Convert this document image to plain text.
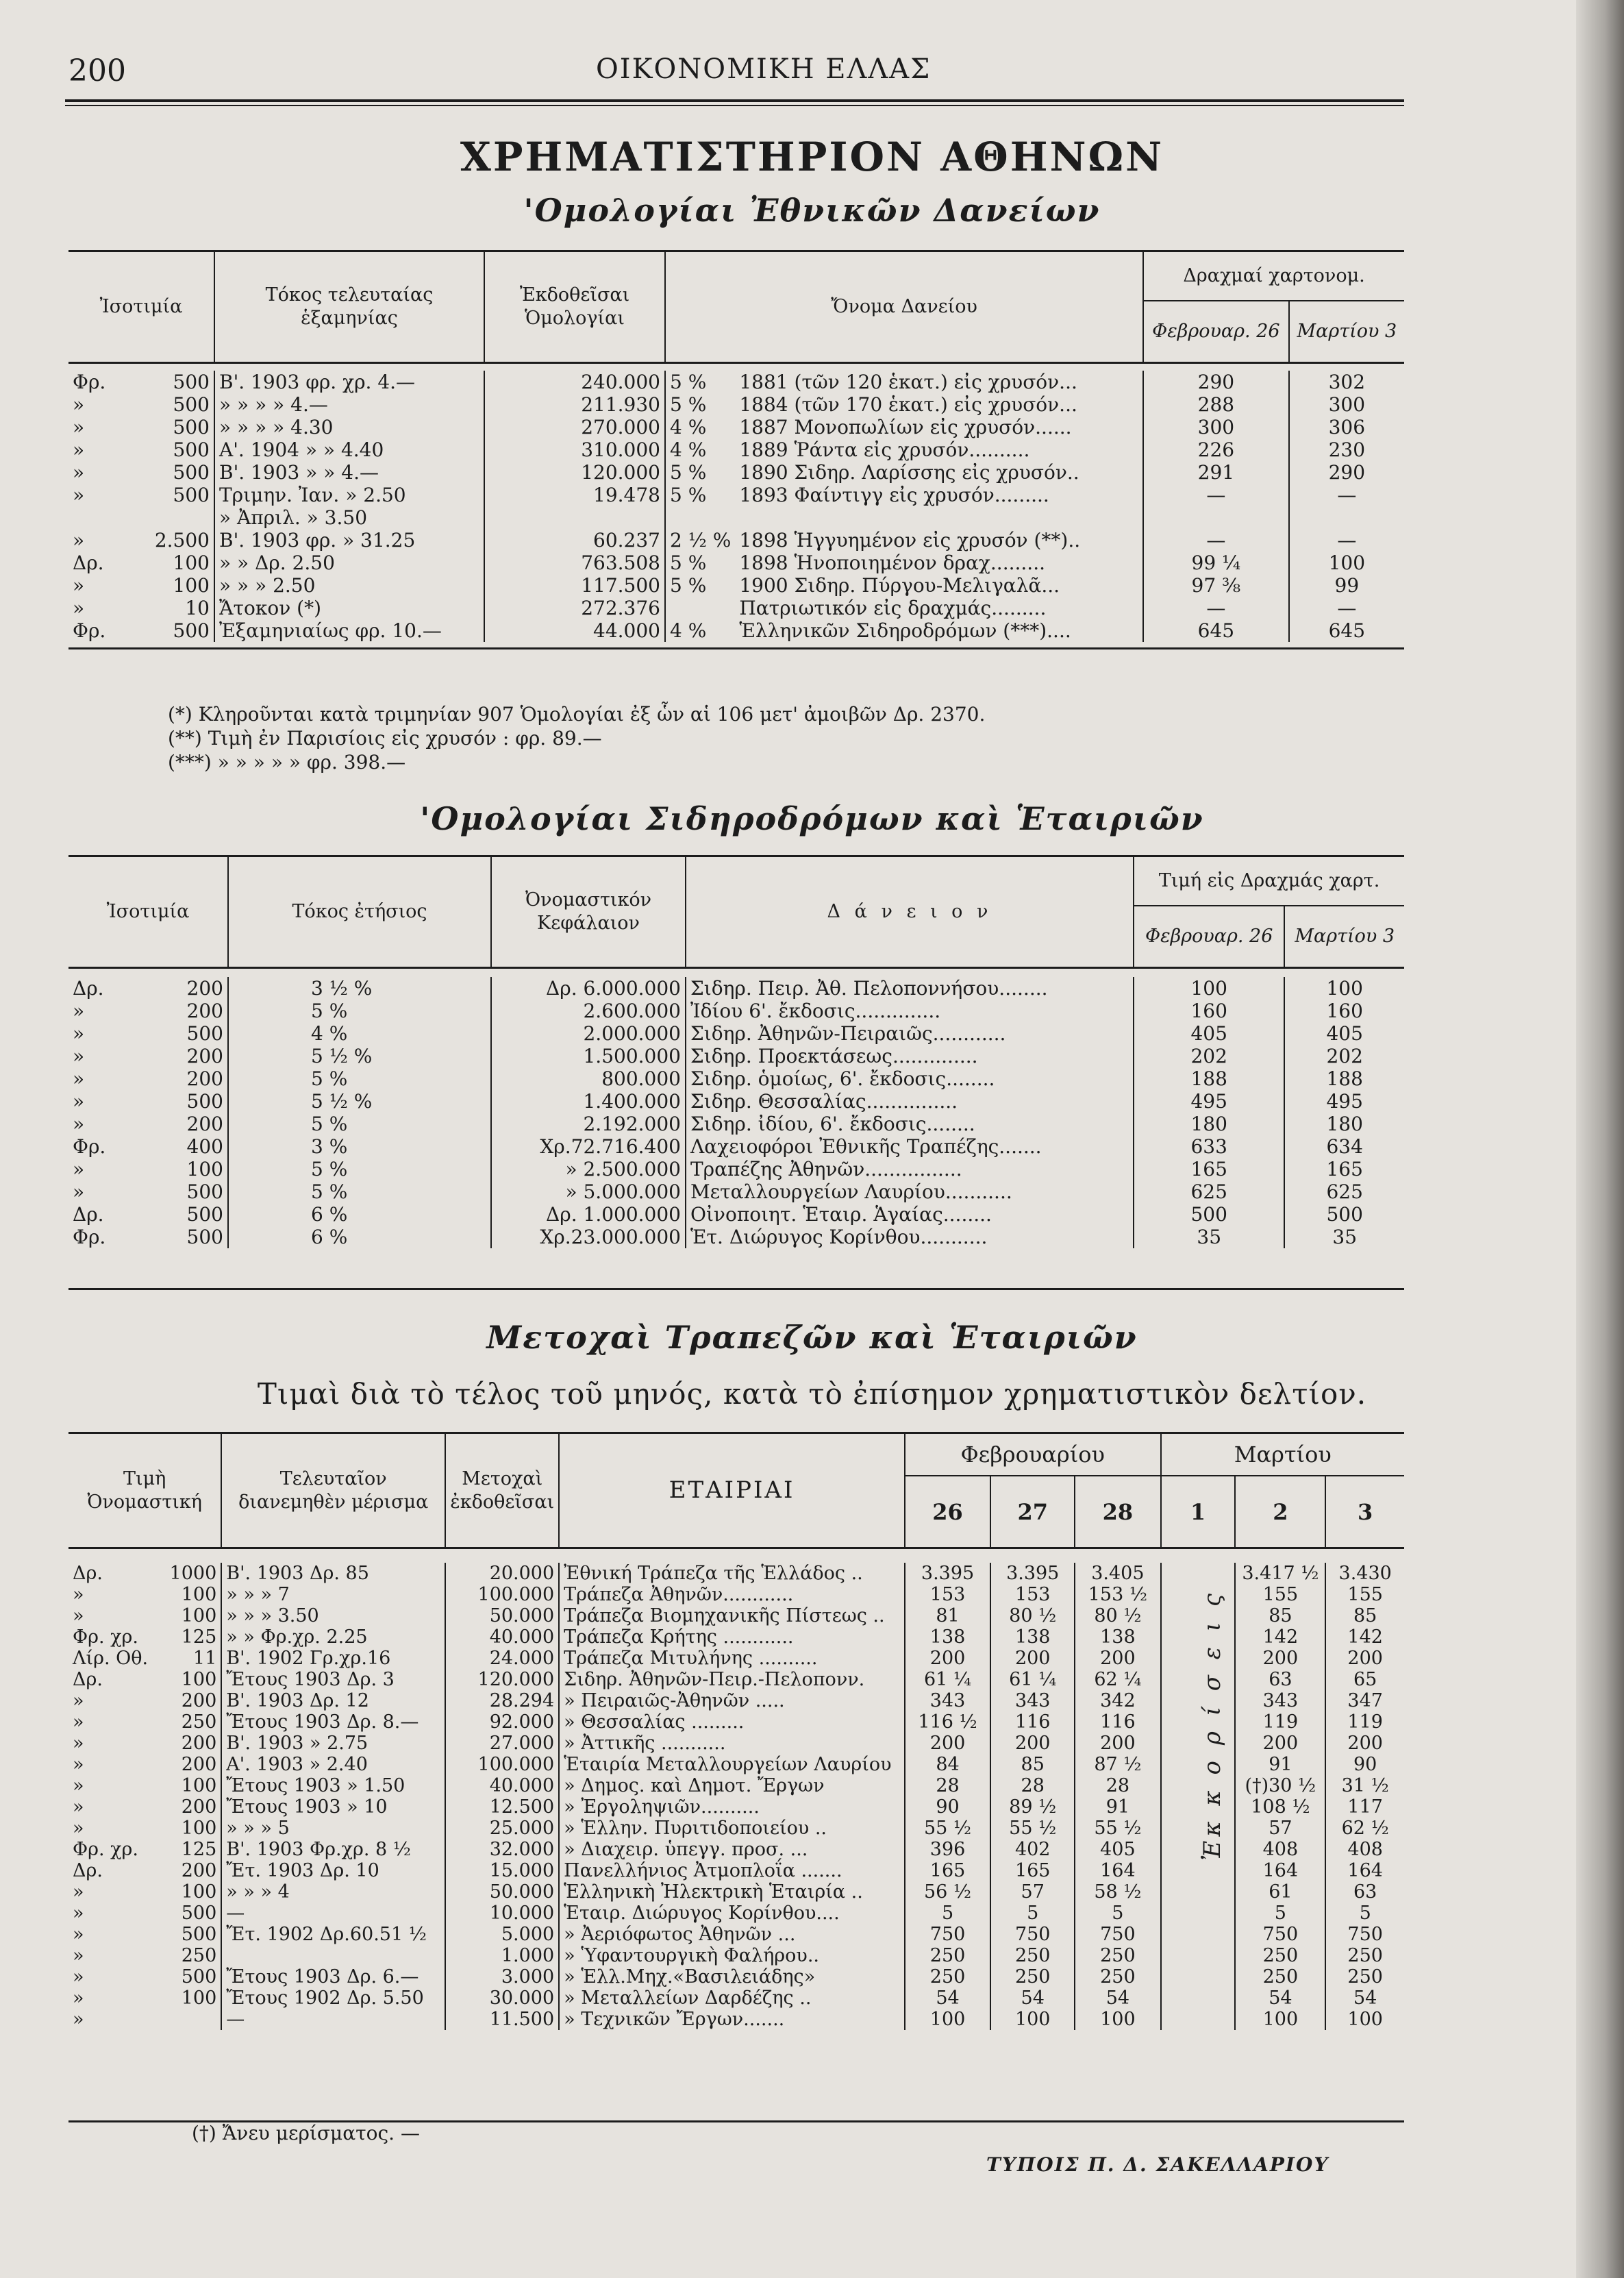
200	ΟΙΚΟΝΟΜΙΚΗ ΕΛΛΑΣ
ΧΡΗΜΑΤΙΣΤΗΡΙΟΝ ΑΘΗΝΩΝ
'Ομολογίαι Ἐθνικῶν Δανείων
Ἰσοτιμία		Τόκος τελευταίας ἑξαμηνίας	Ἐκδοθεῖσαι Ὁμολογίαι	Ὄνομα Δανείου		Δραχμαί χαρτονομ.	
						Φεβρουαρ. 26	Μαρτίου 3

Φρ.	500	Β'. 1903 φρ. χρ. 4.—	240.000	5 %	1881 (τῶν 120 ἑκατ.) εἰς χρυσόν...	290	302
»	500	» » » » 4.—	211.930	5 %	1884 (τῶν 170 ἑκατ.) εἰς χρυσόν...	288	300
»	500	» » » » 4.30	270.000	4 %	1887 Μονοπωλίων εἰς χρυσόν......	300	306
»	500	Α'. 1904 » » 4.40	310.000	4 %	1889 Ῥάντα εἰς χρυσόν..........	226	230
»	500	Β'. 1903 » » 4.—	120.000	5 %	1890 Σιδηρ. Λαρίσσης εἰς χρυσόν..	291	290
»	500	Τριμην. Ἰαν. » 2.50	19.478	5 %	1893 Φαίντιγγ εἰς χρυσόν.........	—	—
		» Ἀπριλ. » 3.50					
»	2.500	Β'. 1903 φρ. » 31.25	60.237	2 ½ %	1898 Ἡγγυημένον εἰς χρυσόν (**)..	—	—
Δρ.	100	» » Δρ. 2.50	763.508	5 %	1898 Ἡνοποιημένον δραχ.........	99 ¼	100
»	100	» » » 2.50	117.500	5 %	1900 Σιδηρ. Πύργου-Μελιγαλᾶ...	97 ⅜	99
»	10	Ἄτοκον (*)	272.376		Πατριωτικόν εἰς δραχμάς.........	—	—
Φρ.	500	Ἐξαμηνιαίως φρ. 10.—	44.000	4 %	Ἑλληνικῶν Σιδηροδρόμων (***)....	645	645

(*) Κληροῦνται κατὰ τριμηνίαν 907 Ὁμολογίαι ἐξ ὧν αἱ 106 μετ' ἀμοιβῶν Δρ. 2370.
(**) Τιμὴ ἐν Παρισίοις εἰς χρυσόν : φρ. 89.—
(***) » » » » » φρ. 398.—
'Ομολογίαι Σιδηροδρόμων καὶ Ἑταιριῶν
Ἰσοτιμία		Τόκος ἐτήσιος	Ὀνομαστικόν Κεφάλαιον	Δ ά ν ε ι ο ν	Τιμή εἰς Δραχμάς χαρτ.	
					Φεβρουαρ. 26	Μαρτίου 3

Δρ.	200	3 ½ %	Δρ. 6.000.000	Σιδηρ. Πειρ. Ἀθ. Πελοποννήσου........	100	100
»	200	5 %	2.600.000	Ἰδίου 6'. ἔκδοσις..............	160	160
»	500	4 %	2.000.000	Σιδηρ. Ἀθηνῶν-Πειραιῶς............	405	405
»	200	5 ½ %	1.500.000	Σιδηρ. Προεκτάσεως..............	202	202
»	200	5 %	800.000	Σιδηρ. ὁμοίως, 6'. ἔκδοσις........	188	188
»	500	5 ½ %	1.400.000	Σιδηρ. Θεσσαλίας...............	495	495
»	200	5 %	2.192.000	Σιδηρ. ἰδίου, 6'. ἔκδοσις........	180	180
Φρ.	400	3 %	Χρ.72.716.400	Λαχειοφόροι Ἐθνικῆς Τραπέζης.......	633	634
»	100	5 %	» 2.500.000	Τραπέζης Ἀθηνῶν................	165	165
»	500	5 %	» 5.000.000	Μεταλλουργείων Λαυρίου...........	625	625
Δρ.	500	6 %	Δρ. 1.000.000	Οἰνοποιητ. Ἑταιρ. Ἁγαίας........	500	500
Φρ.	500	6 %	Χρ.23.000.000	Ἑτ. Διώρυγος Κορίνθου...........	35	35
Μετοχαὶ Τραπεζῶν καὶ Ἑταιριῶν
Τιμαὶ διὰ τὸ τέλος τοῦ μηνός, κατὰ τὸ ἐπίσημον χρηματιστικὸν δελτίον.
Τιμὴ Ὀνομαστική		Τελευταῖον διανεμηθὲν μέρισμα	Μετοχαὶ ἐκδοθεῖσαι	ΕΤΑΙΡΙΑΙ	Φεβρουαρίου			Μαρτίου		
					26	27	28	1	2	3

Δρ.	1000	Β'. 1903 Δρ. 85	20.000	Ἐθνική Τράπεζα τῆς Ἑλλάδος ..	3.395	3.395	3.405		3.417 ½	3.430
»	100	» » » 7	100.000	Τράπεζα Ἀθηνῶν............	153	153	153 ½		155	155
»	100	» » » 3.50	50.000	Τράπεζα Βιομηχανικῆς Πίστεως ..	81	80 ½	80 ½		85	85
Φρ. χρ.	125	» » Φρ.χρ. 2.25	40.000	Τράπεζα Κρήτης ............	138	138	138		142	142
Λίρ. Οθ.	11	Β'. 1902 Γρ.χρ.16	24.000	Τράπεζα Μιτυλήνης ..........	200	200	200		200	200
Δρ.	100	Ἔτους 1903 Δρ. 3	120.000	Σιδηρ. Ἀθηνῶν-Πειρ.-Πελοπονν.	61 ¼	61 ¼	62 ¼		63	65
»	200	Β'. 1903 Δρ. 12	28.294	» Πειραιῶς-Ἀθηνῶν .....	343	343	342		343	347
»	250	Ἔτους 1903 Δρ. 8.—	92.000	» Θεσσαλίας .........	116 ½	116	116		119	119
»	200	Β'. 1903 » 2.75	27.000	» Ἀττικῆς ...........	200	200	200		200	200
»	200	Α'. 1903 » 2.40	100.000	Ἑταιρία Μεταλλουργείων Λαυρίου	84	85	87 ½		91	90
»	100	Ἔτους 1903 » 1.50	40.000	» Δημος. καὶ Δημοτ. Ἔργων	28	28	28		(†)30 ½	31 ½
»	200	Ἔτους 1903 » 10	12.500	» Ἐργοληψιῶν..........	90	89 ½	91		108 ½	117
»	100	» » » 5	25.000	» Ἑλλην. Πυριτιδοποιείου ..	55 ½	55 ½	55 ½		57	62 ½
Φρ. χρ.	125	Β'. 1903 Φρ.χρ. 8 ½	32.000	» Διαχειρ. ὑπεγγ. προσ. ...	396	402	405		408	408
Δρ.	200	Ἔτ. 1903 Δρ. 10	15.000	Πανελλήνιος Ἀτμοπλοΐα .......	165	165	164		164	164
»	100	» » » 4	50.000	Ἑλληνικὴ Ἠλεκτρικὴ Ἑταιρία ..	56 ½	57	58 ½		61	63
»	500	—	10.000	Ἑταιρ. Διώρυγος Κορίνθου....	5	5	5		5	5
»	500	Ἔτ. 1902 Δρ.60.51 ½	5.000	» Ἀεριόφωτος Ἀθηνῶν ...	750	750	750		750	750
»	250		1.000	» Ὑφαντουργικὴ Φαλήρου..	250	250	250		250	250
»	500	Ἔτους 1903 Δρ. 6.—	3.000	» Ἑλλ.Μηχ.«Βασιλειάδης»	250	250	250		250	250
»	100	Ἔτους 1902 Δρ. 5.50	30.000	» Μεταλλείων Δαρδέζης ..	54	54	54		54	54
»		—	11.500	» Τεχνικῶν Ἔργων.......	100	100	100		100	100
Ἐκ κ ο ρ ί σ ε ι ς
(†) Ἄνευ μερίσματος. —
ΤΥΠΟΙΣ Π. Δ. ΣΑΚΕΛΛΑΡΙΟΥ
